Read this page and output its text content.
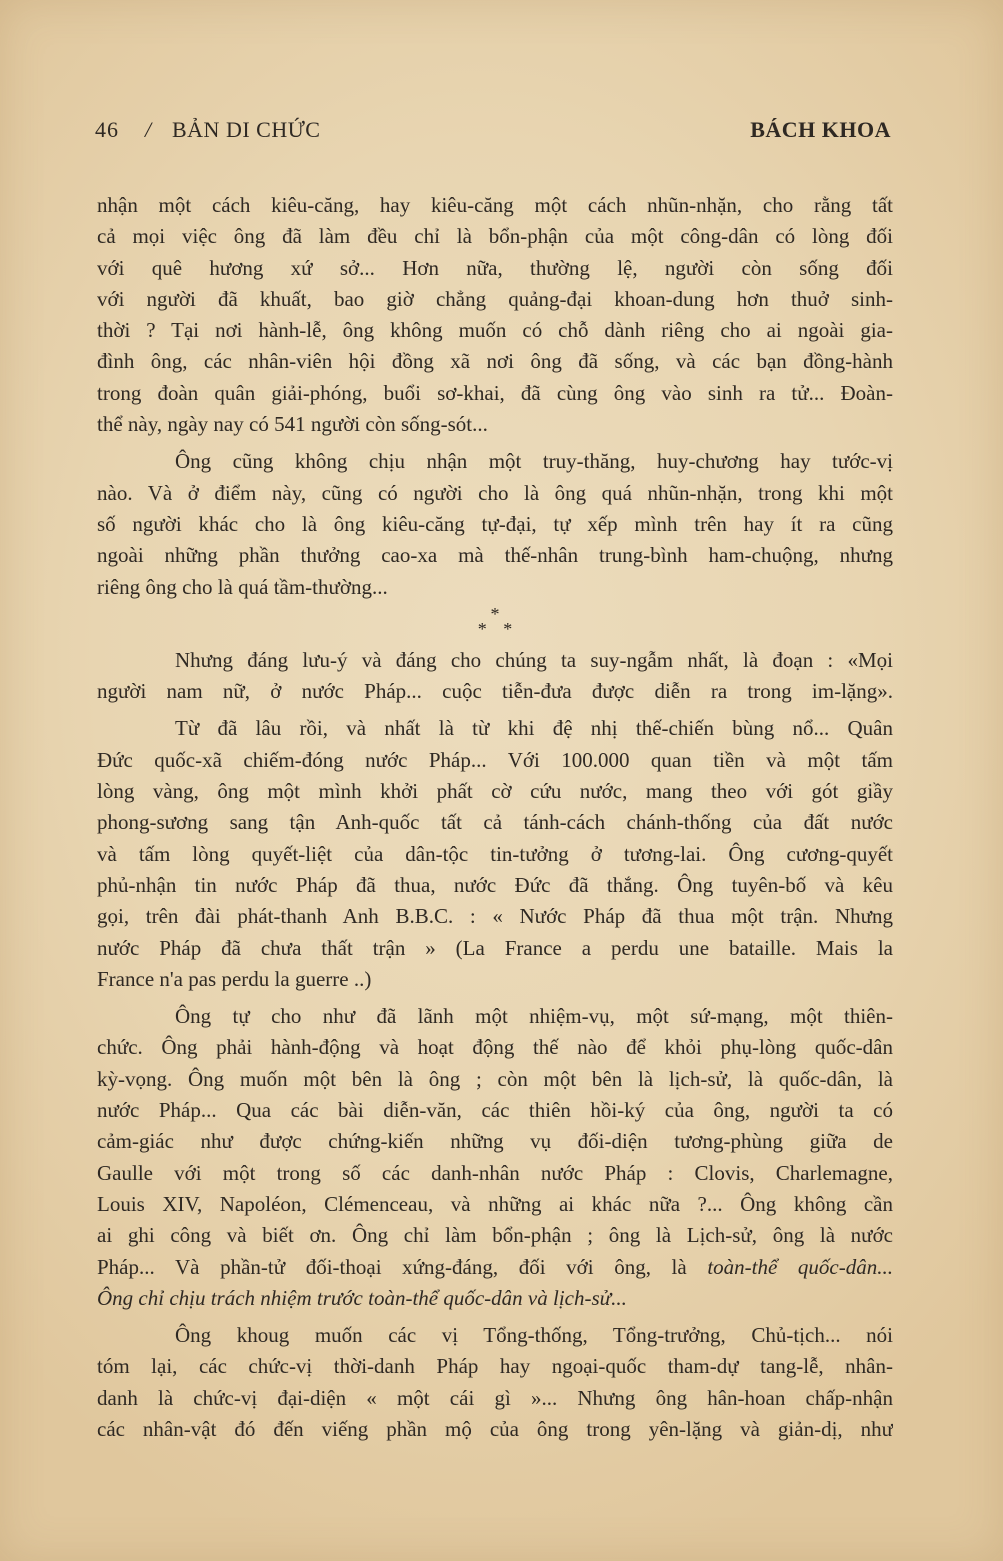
46 / BẢN DI CHỨC	BÁCH KHOA
nhận một cách kiêu-căng, hay kiêu-căng một cách nhũn-nhặn, cho rằng tất
cả mọi việc ông đã làm đều chỉ là bổn-phận của một công-dân có lòng đối
với quê hương xứ sở... Hơn nữa, thường lệ, người còn sống đối
với người đã khuất, bao giờ chẳng quảng-đại khoan-dung hơn thuở sinh-
thời ? Tại nơi hành-lễ, ông không muốn có chỗ dành riêng cho ai ngoài gia-
đình ông, các nhân-viên hội đồng xã nơi ông đã sống, và các bạn đồng-hành
trong đoàn quân giải-phóng, buổi sơ-khai, đã cùng ông vào sinh ra tử... Đoàn-
thể này, ngày nay có 541 người còn sống-sót...
Ông cũng không chịu nhận một truy-thăng, huy-chương hay tước-vị
nào. Và ở điểm này, cũng có người cho là ông quá nhũn-nhặn, trong khi một
số người khác cho là ông kiêu-căng tự-đại, tự xếp mình trên hay ít ra cũng
ngoài những phần thưởng cao-xa mà thế-nhân trung-bình ham-chuộng, nhưng
riêng ông cho là quá tầm-thường...
*
* *
Nhưng đáng lưu-ý và đáng cho chúng ta suy-ngẫm nhất, là đoạn : «Mọi
người nam nữ, ở nước Pháp... cuộc tiễn-đưa được diễn ra trong im-lặng».
Từ đã lâu rồi, và nhất là từ khi đệ nhị thế-chiến bùng nổ... Quân
Đức quốc-xã chiếm-đóng nước Pháp... Với 100.000 quan tiền và một tấm
lòng vàng, ông một mình khởi phất cờ cứu nước, mang theo với gót giầy
phong-sương sang tận Anh-quốc tất cả tánh-cách chánh-thống của đất nước
và tấm lòng quyết-liệt của dân-tộc tin-tưởng ở tương-lai. Ông cương-quyết
phủ-nhận tin nước Pháp đã thua, nước Đức đã thắng. Ông tuyên-bố và kêu
gọi, trên đài phát-thanh Anh B.B.C. : « Nước Pháp đã thua một trận. Nhưng
nước Pháp đã chưa thất trận » (La France a perdu une bataille. Mais la
France n'a pas perdu la guerre ..)
Ông tự cho như đã lãnh một nhiệm-vụ, một sứ-mạng, một thiên-
chức. Ông phải hành-động và hoạt động thế nào để khỏi phụ-lòng quốc-dân
kỳ-vọng. Ông muốn một bên là ông ; còn một bên là lịch-sử, là quốc-dân, là
nước Pháp... Qua các bài diễn-văn, các thiên hồi-ký của ông, người ta có
cảm-giác như được chứng-kiến những vụ đối-diện tương-phùng giữa de
Gaulle với một trong số các danh-nhân nước Pháp : Clovis, Charlemagne,
Louis XIV, Napoléon, Clémenceau, và những ai khác nữa ?... Ông không cần
ai ghi công và biết ơn. Ông chỉ làm bổn-phận ; ông là Lịch-sử, ông là nước
Pháp... Và phần-tử đối-thoại xứng-đáng, đối với ông, là toàn-thể quốc-dân...
Ông chỉ chịu trách nhiệm trước toàn-thể quốc-dân và lịch-sử...
Ông khoug muốn các vị Tổng-thống, Tổng-trưởng, Chủ-tịch... nói
tóm lại, các chức-vị thời-danh Pháp hay ngoại-quốc tham-dự tang-lễ, nhân-
danh là chức-vị đại-diện « một cái gì »... Nhưng ông hân-hoan chấp-nhận
các nhân-vật đó đến viếng phần mộ của ông trong yên-lặng và giản-dị, như
